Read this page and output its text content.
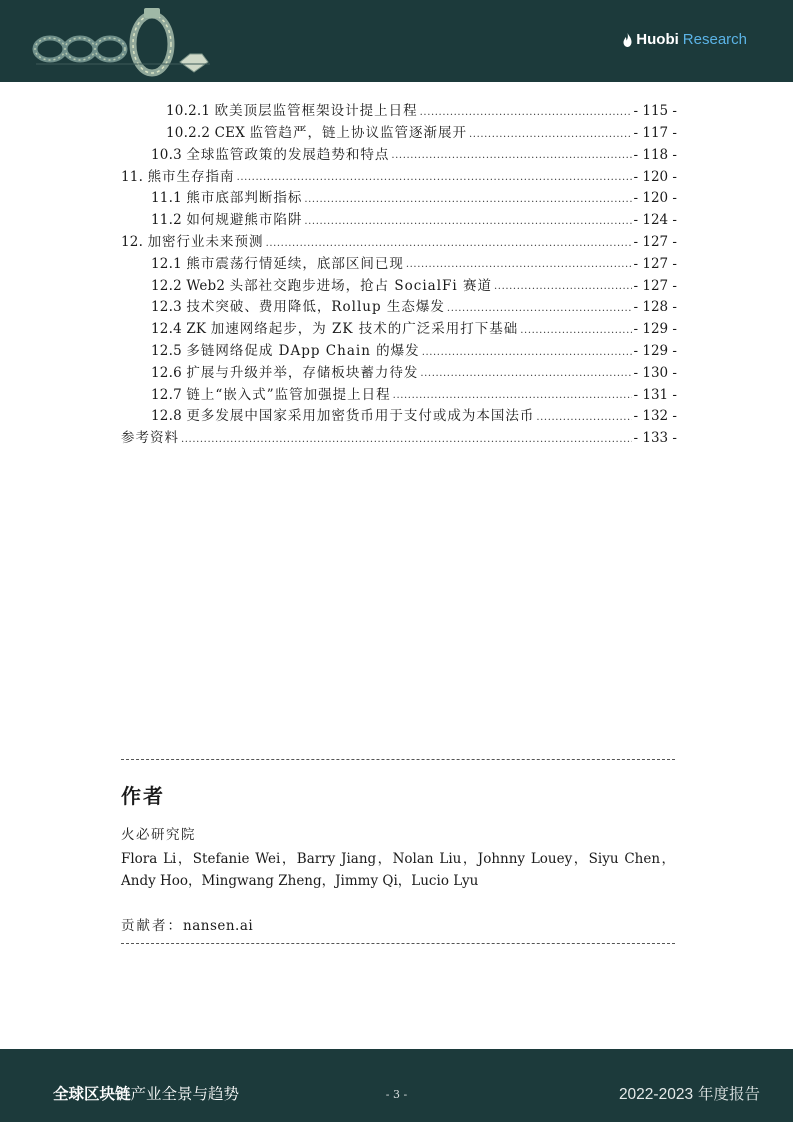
Huobi Research
10.2.1 欧美顶层监管框架设计提上日程 .....	- 115 -
10.2.2 CEX 监管趋严，链上协议监管逐渐展开 .....	- 117 -
10.3 全球监管政策的发展趋势和特点 .....	- 118 -
11. 熊市生存指南 .....	- 120 -
11.1 熊市底部判断指标 .....	- 120 -
11.2 如何规避熊市陷阱 .....	- 124 -
12. 加密行业未来预测 .....	- 127 -
12.1 熊市震荡行情延续，底部区间已现 .....	- 127 -
12.2 Web2 头部社交跑步进场，抢占 SocialFi 赛道 .....	- 127 -
12.3 技术突破、费用降低，Rollup 生态爆发 .....	- 128 -
12.4 ZK 加速网络起步，为 ZK 技术的广泛采用打下基础 .....	- 129 -
12.5 多链网络促成 DApp Chain 的爆发 .....	- 129 -
12.6 扩展与升级并举，存储板块蓄力待发 .....	- 130 -
12.7 链上“嵌入式”监管加强提上日程 .....	- 131 -
12.8 更多发展中国家采用加密货币用于支付或成为本国法币 .....	- 132 -
参考资料 .....	- 133 -
作者
火必研究院
Flora Li，Stefanie Wei，Barry Jiang，Nolan Liu，Johnny Louey，Siyu Chen，Andy Hoo，Mingwang Zheng，Jimmy Qi，Lucio Lyu
贡献者：nansen.ai
全球区块链产业全景与趋势	- 3 -	2022-2023 年度报告
